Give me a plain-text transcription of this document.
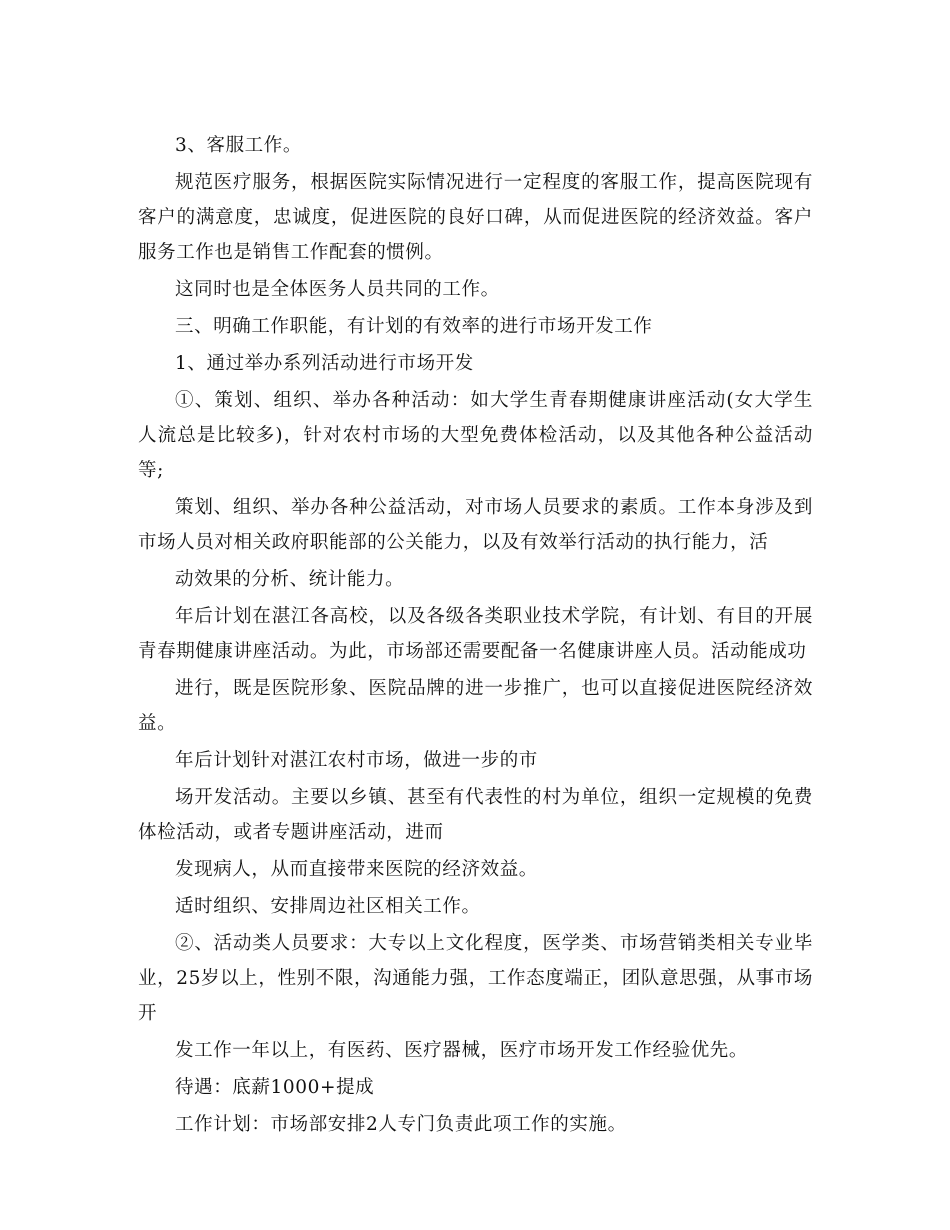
3、客服工作。

规范医疗服务，根据医院实际情况进行一定程度的客服工作，提高医院现有客户的满意度，忠诚度，促进医院的良好口碑，从而促进医院的经济效益。客户服务工作也是销售工作配套的惯例。

这同时也是全体医务人员共同的工作。

三、明确工作职能，有计划的有效率的进行市场开发工作

1、通过举办系列活动进行市场开发

①、策划、组织、举办各种活动：如大学生青春期健康讲座活动(女大学生人流总是比较多)，针对农村市场的大型免费体检活动，以及其他各种公益活动等;

策划、组织、举办各种公益活动，对市场人员要求的素质。工作本身涉及到市场人员对相关政府职能部的公关能力，以及有效举行活动的执行能力，活

动效果的分析、统计能力。

年后计划在湛江各高校，以及各级各类职业技术学院，有计划、有目的开展青春期健康讲座活动。为此，市场部还需要配备一名健康讲座人员。活动能成功

进行，既是医院形象、医院品牌的进一步推广，也可以直接促进医院经济效益。

年后计划针对湛江农村市场，做进一步的市

场开发活动。主要以乡镇、甚至有代表性的村为单位，组织一定规模的免费体检活动，或者专题讲座活动，进而

发现病人，从而直接带来医院的经济效益。

适时组织、安排周边社区相关工作。

②、活动类人员要求：大专以上文化程度，医学类、市场营销类相关专业毕业，25岁以上，性别不限，沟通能力强，工作态度端正，团队意思强，从事市场开

发工作一年以上，有医药、医疗器械，医疗市场开发工作经验优先。

待遇：底薪1000+提成

工作计划：市场部安排2人专门负责此项工作的实施。
